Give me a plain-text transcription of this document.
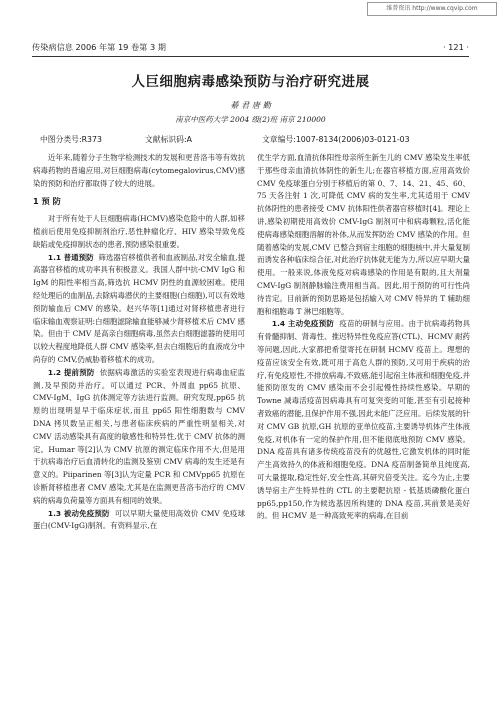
维普资讯 http://www.cqvip.com
传染病信息 2006 年第 19 卷第 3 期	· 121 ·
人巨细胞病毒感染预防与治疗研究进展
綦 君 唐 勤
南京中医药大学 2004 级(2)班 南京 210000
中图分类号:R373	文献标识码:A	文章编号:1007-8134(2006)03-0121-03

近年来,随着分子生物学检测技术的发展和更昔洛韦等有效抗病毒药物的普遍应用,对巨细胞病毒(cytomegalovirus,CMV)感染的预防和治疗都取得了较大的进展。

1 预 防

对于所有处于人巨细胞病毒(HCMV)感染危险中的人群,如移植前后使用免疫抑制剂治疗,恶性肿瘤化疗、HIV 感染导致免疫缺陷或免疫抑制状态的患者,预防感染很重要。

1.1 普通预防 筛选器官移植供者和血液制品,对安全输血,提高器官移植的成功率具有积极意义。我国人群中抗-CMV IgG 和 IgM 的阳性率相当高,筛选抗 HCMV 阴性的血源较困难。使用经处理后的血制品,去除病毒潜伏的主要细胞(白细胞),可以有效地预防输血后 CMV 的感染。赵兴华等[1]通过对肾移植患者进行临床输血观察证明:白细胞滤除输血能够减少肾移植术后 CMV 感染。但由于 CMV 是高亲白细胞病毒,虽然去白细胞滤器的使用可以较大程度地降低人群 CMV 感染率,但去白细胞后的血液成分中尚存的 CMV,仍威胁着移植术的成功。

1.2 提前预防 依据病毒激活的实验室表现进行病毒血症监测,及早预防并治疗。可以通过 PCR、外周血 pp65 抗原、CMV-IgM、IgG 抗体测定等方法进行监测。研究发现,pp65 抗原的出现明显早于临床症状,而且 pp65 阳性细胞数与 CMV DNA 拷贝数呈正相关,与患者临床疾病的严重性明显相关,对 CMV 活动感染具有高度的敏感性和特异性,优于 CMV 抗体的测定。Humar 等[2]认为 CMV 抗原的测定临床作用不大,但是用于抗病毒治疗后血清转化的监测及鉴别 CMV 病毒的发生还是有意义的。Piiparinen 等[3]认为定量 PCR 和 CMVpp65 抗原在诊断肾移植患者 CMV 感染,尤其是在监测更昔洛韦治疗的 CMV 病的病毒负荷量等方面具有相同的效果。

1.3 被动免疫预防 可以早期大量使用高效价 CMV 免疫球蛋白(CMV-IgG)制剂。有资料显示,在

优生学方面,血清抗体阳性母亲所生新生儿的 CMV 感染发生率低于那些母亲血清抗体阴性的新生儿;在器官移植方面,应用高效价 CMV 免疫球蛋白分别于移植后的第 0、7、14、21、45、60、75 天各注射 1 次,可降低 CMV 病的发生率,尤其适用于 CMV 抗体阴性的患者接受 CMV 抗体阳性供者器官移植时[4]。理论上讲,感染初期使用高效价 CMV-IgG 制剂可中和病毒颗粒,活化能使病毒感染细胞溶解的补体,从而发挥防治 CMV 感染的作用。但随着感染的发展,CMV 已整合到宿主细胞的细胞核中,并大量复制而诱发各种临床综合征,对此治疗抗体就无能为力,所以应早期大量使用。一般来说,体液免疫对病毒感染的作用是有限的,且大剂量 CMV-IgG 制剂静脉输注费用相当高。因此,用于预防的可行性尚待肯定。目前新的预防思路是包括输入对 CMV 特异的 T 辅助细胞和细胞毒 T 淋巴细胞等。

1.4 主动免疫预防 疫苗的研制与应用。由于抗病毒药物具有骨髓抑制、肾毒性、推迟特异性免疫应答(CTL)、HCMV 耐药等问题,因此,大家都把希望寄托在研制 HCMV 疫苗上。理想的疫苗应该安全有效,既可用于高危人群的预防,又可用于疾病的治疗,有免疫原性,不排放病毒,不致癌,能引起宿主体液和细胞免疫,并能预防原发的 CMV 感染而不会引起慢性持续性感染。早期的 Towne 减毒活疫苗因病毒具有可复突变的可能,甚至有引起接种者致癌的潜能,且保护作用不强,因此未能广泛应用。后续发展的针对 CMV GB 抗原,GH 抗原的亚单位疫苗,主要诱导机体产生体液免疫,对机体有一定的保护作用,但不能彻底地预防 CMV 感染。DNA 疫苗具有诸多传统疫苗没有的优越性,它激发机体的同时能产生高效持久的体液和细胞免疫。DNA 疫苗制备简单且纯度高,可大量提取,稳定性好,安全性高,其研究倍受关注。迄今为止,主要诱导宿主产生特异性的 CTL 的主要靶抗原 - 低基质磷酸化蛋白 pp65,pp150,作为候选基因所构建的 DNA 疫苗,其前景是美好的。但 HCMV 是一种高致死率的病毒,在目前
